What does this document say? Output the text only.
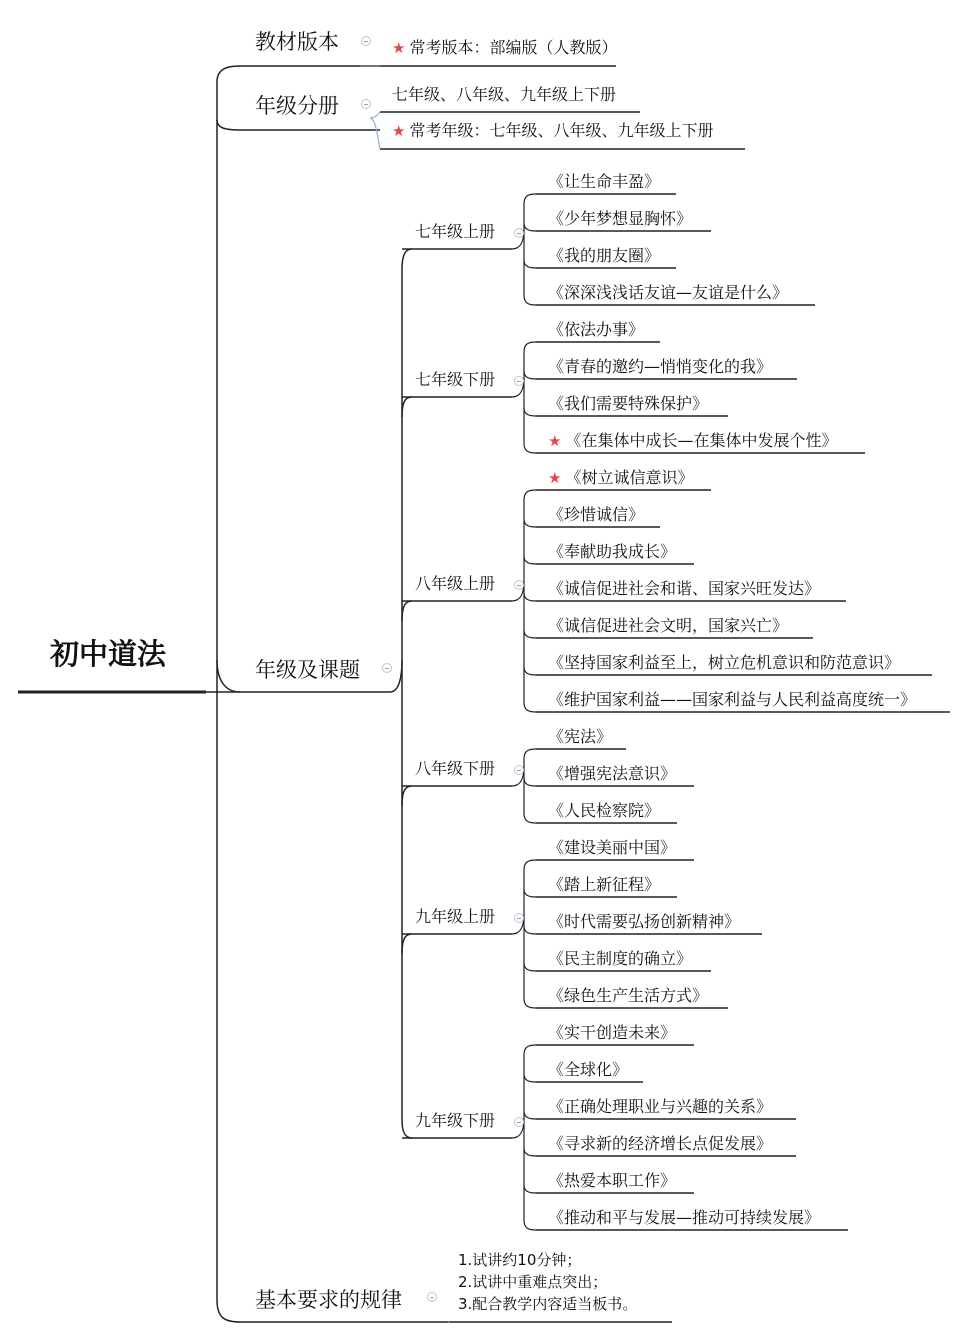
初中道法
教材版本
年级分册
年级及课题
基本要求的规律
★ 常考版本：部编版（人教版）
七年级、八年级、九年级上下册
★ 常考年级：七年级、八年级、九年级上下册
七年级上册
《让生命丰盈》
《少年梦想显胸怀》
《我的朋友圈》
《深深浅浅话友谊—友谊是什么》
七年级下册
《依法办事》
《青春的邀约—悄悄变化的我》
《我们需要特殊保护》
★ 《在集体中成长—在集体中发展个性》
八年级上册
★ 《树立诚信意识》
《珍惜诚信》
《奉献助我成长》
《诚信促进社会和谐、国家兴旺发达》
《诚信促进社会文明，国家兴亡》
《坚持国家利益至上，树立危机意识和防范意识》
《维护国家利益——国家利益与人民利益高度统一》
八年级下册
《宪法》
《增强宪法意识》
《人民检察院》
九年级上册
《建设美丽中国》
《踏上新征程》
《时代需要弘扬创新精神》
《民主制度的确立》
《绿色生产生活方式》
九年级下册
《实干创造未来》
《全球化》
《正确处理职业与兴趣的关系》
《寻求新的经济增长点促发展》
《热爱本职工作》
《推动和平与发展—推动可持续发展》
1.试讲约10分钟；
2.试讲中重难点突出；
3.配合教学内容适当板书。
